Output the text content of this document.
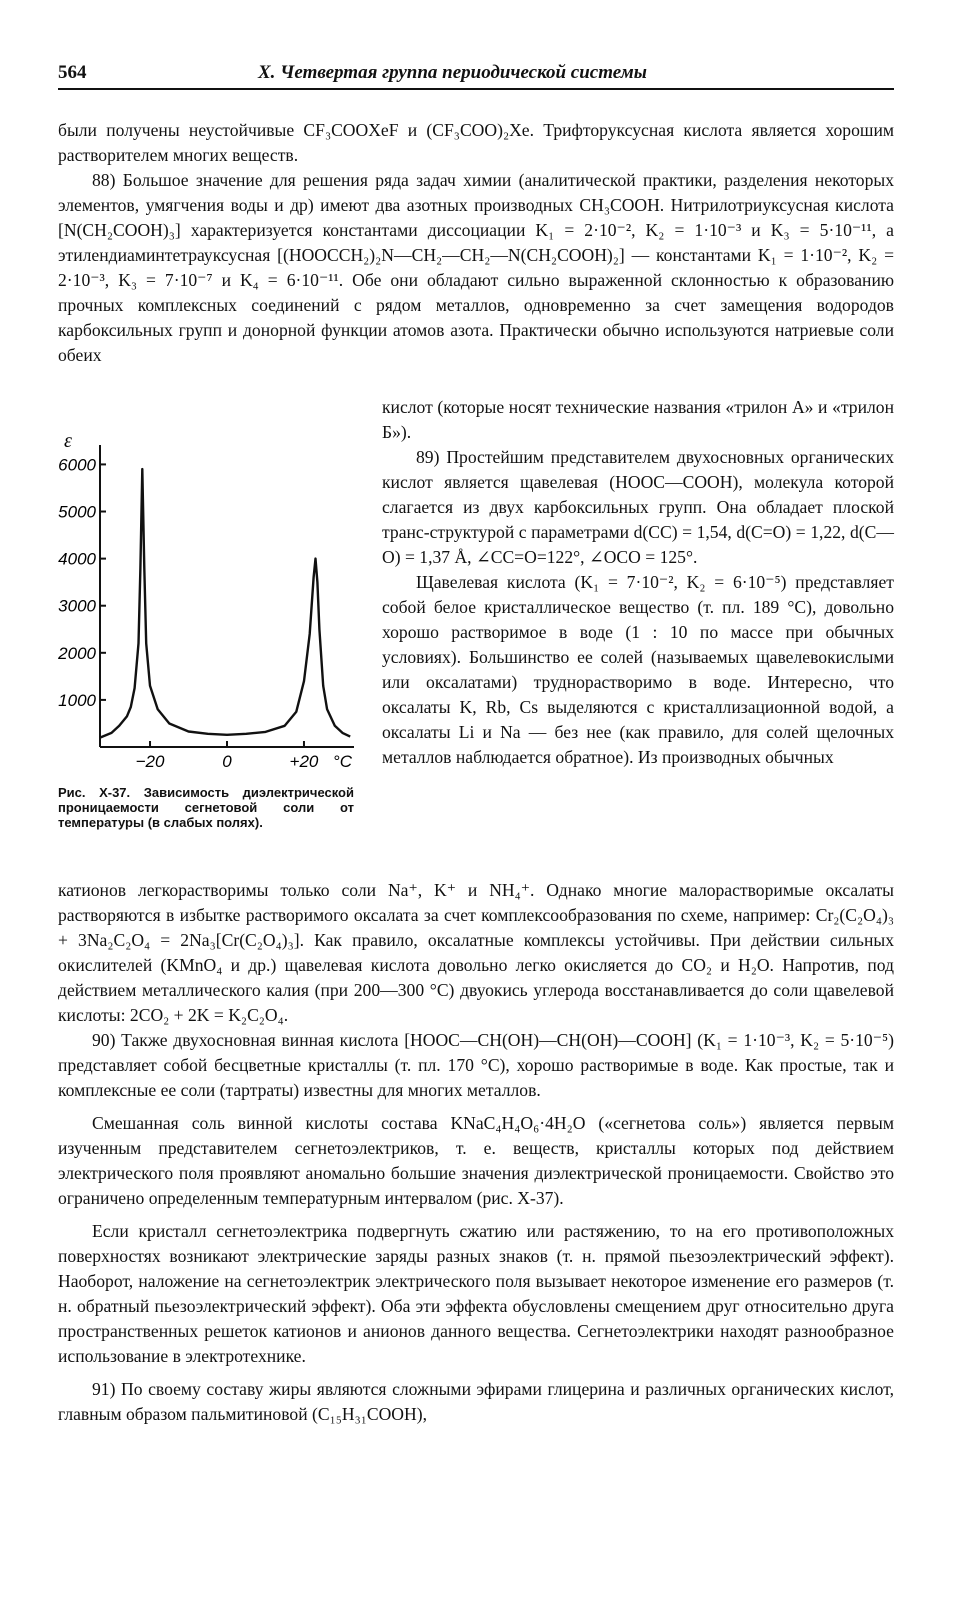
564	Х. Четвертая группа периодической системы

были получены неустойчивые CF₃COOXeF и (CF₃COO)₂Xe. Трифторуксусная кислота является хорошим растворителем многих веществ.

88) Большое значение для решения ряда задач химии (аналитической практики, разделения некоторых элементов, умягчения воды и др) имеют два азотных производных CH₃COOH. Нитрилотриуксусная кислота [N(CH₂COOH)₃] характеризуется константами диссоциации K₁ = 2·10⁻², K₂ = 1·10⁻³ и K₃ = 5·10⁻¹¹, а этилендиаминтетрауксусная [(HOOCCH₂)₂N—CH₂—CH₂—N(CH₂COOH)₂] — константами K₁ = 1·10⁻², K₂ = 2·10⁻³, K₃ = 7·10⁻⁷ и K₄ = 6·10⁻¹¹. Обе они обладают сильно выраженной склонностью к образованию прочных комплексных соединений с рядом металлов, одновременно за счет замещения водородов карбоксильных групп и донорной функции атомов азота. Практически обычно используются натриевые соли обеих

ε
1000
2000
3000
4000
5000
6000
−20	0	+20 °C
Рис. X-37. Зависимость диэлектрической проницаемости сегнетовой соли от температуры (в слабых полях).

кислот (которые носят технические названия «трилон А» и «трилон Б»).

89) Простейшим представителем двухосновных органических кислот является щавелевая (HOOC—COOH), молекула которой слагается из двух карбоксильных групп. Она обладает плоской транс-структурой с параметрами d(CC) = 1,54, d(C=O) = 1,22, d(C—O) = 1,37 Å, ∠CC=O=122°, ∠OCO = 125°.

Щавелевая кислота (K₁ = 7·10⁻², K₂ = 6·10⁻⁵) представляет собой белое кристаллическое вещество (т. пл. 189 °C), довольно хорошо растворимое в воде (1 : 10 по массе при обычных условиях). Большинство ее солей (называемых щавелевокислыми или оксалатами) труднорастворимо в воде. Интересно, что оксалаты K, Rb, Cs выделяются с кристаллизационной водой, а оксалаты Li и Na — без нее (как правило, для солей щелочных металлов наблюдается обратное). Из производных обычных

катионов легкорастворимы только соли Na⁺, K⁺ и NH₄⁺. Однако многие малорастворимые оксалаты растворяются в избытке растворимого оксалата за счет комплексообразования по схеме, например: Cr₂(C₂O₄)₃ + 3Na₂C₂O₄ = 2Na₃[Cr(C₂O₄)₃]. Как правило, оксалатные комплексы устойчивы. При действии сильных окислителей (KMnO₄ и др.) щавелевая кислота довольно легко окисляется до CO₂ и H₂O. Напротив, под действием металлического калия (при 200—300 °C) двуокись углерода восстанавливается до соли щавелевой кислоты: 2CO₂ + 2K = K₂C₂O₄.

90) Также двухосновная винная кислота [HOOC—CH(OH)—CH(OH)—COOH] (K₁ = 1·10⁻³, K₂ = 5·10⁻⁵) представляет собой бесцветные кристаллы (т. пл. 170 °C), хорошо растворимые в воде. Как простые, так и комплексные ее соли (тартраты) известны для многих металлов.

Смешанная соль винной кислоты состава KNaC₄H₄O₆·4H₂O («сегнетова соль») является первым изученным представителем сегнетоэлектриков, т. е. веществ, кристаллы которых под действием электрического поля проявляют аномально большие значения диэлектрической проницаемости. Свойство это ограничено определенным температурным интервалом (рис. X-37).

Если кристалл сегнетоэлектрика подвергнуть сжатию или растяжению, то на его противоположных поверхностях возникают электрические заряды разных знаков (т. н. прямой пьезоэлектрический эффект). Наоборот, наложение на сегнетоэлектрик электрического поля вызывает некоторое изменение его размеров (т. н. обратный пьезоэлектрический эффект). Оба эти эффекта обусловлены смещением друг относительно друга пространственных решеток катионов и анионов данного вещества. Сегнетоэлектрики находят разнообразное использование в электротехнике.

91) По своему составу жиры являются сложными эфирами глицерина и различных органических кислот, главным образом пальмитиновой (C₁₅H₃₁COOH),
